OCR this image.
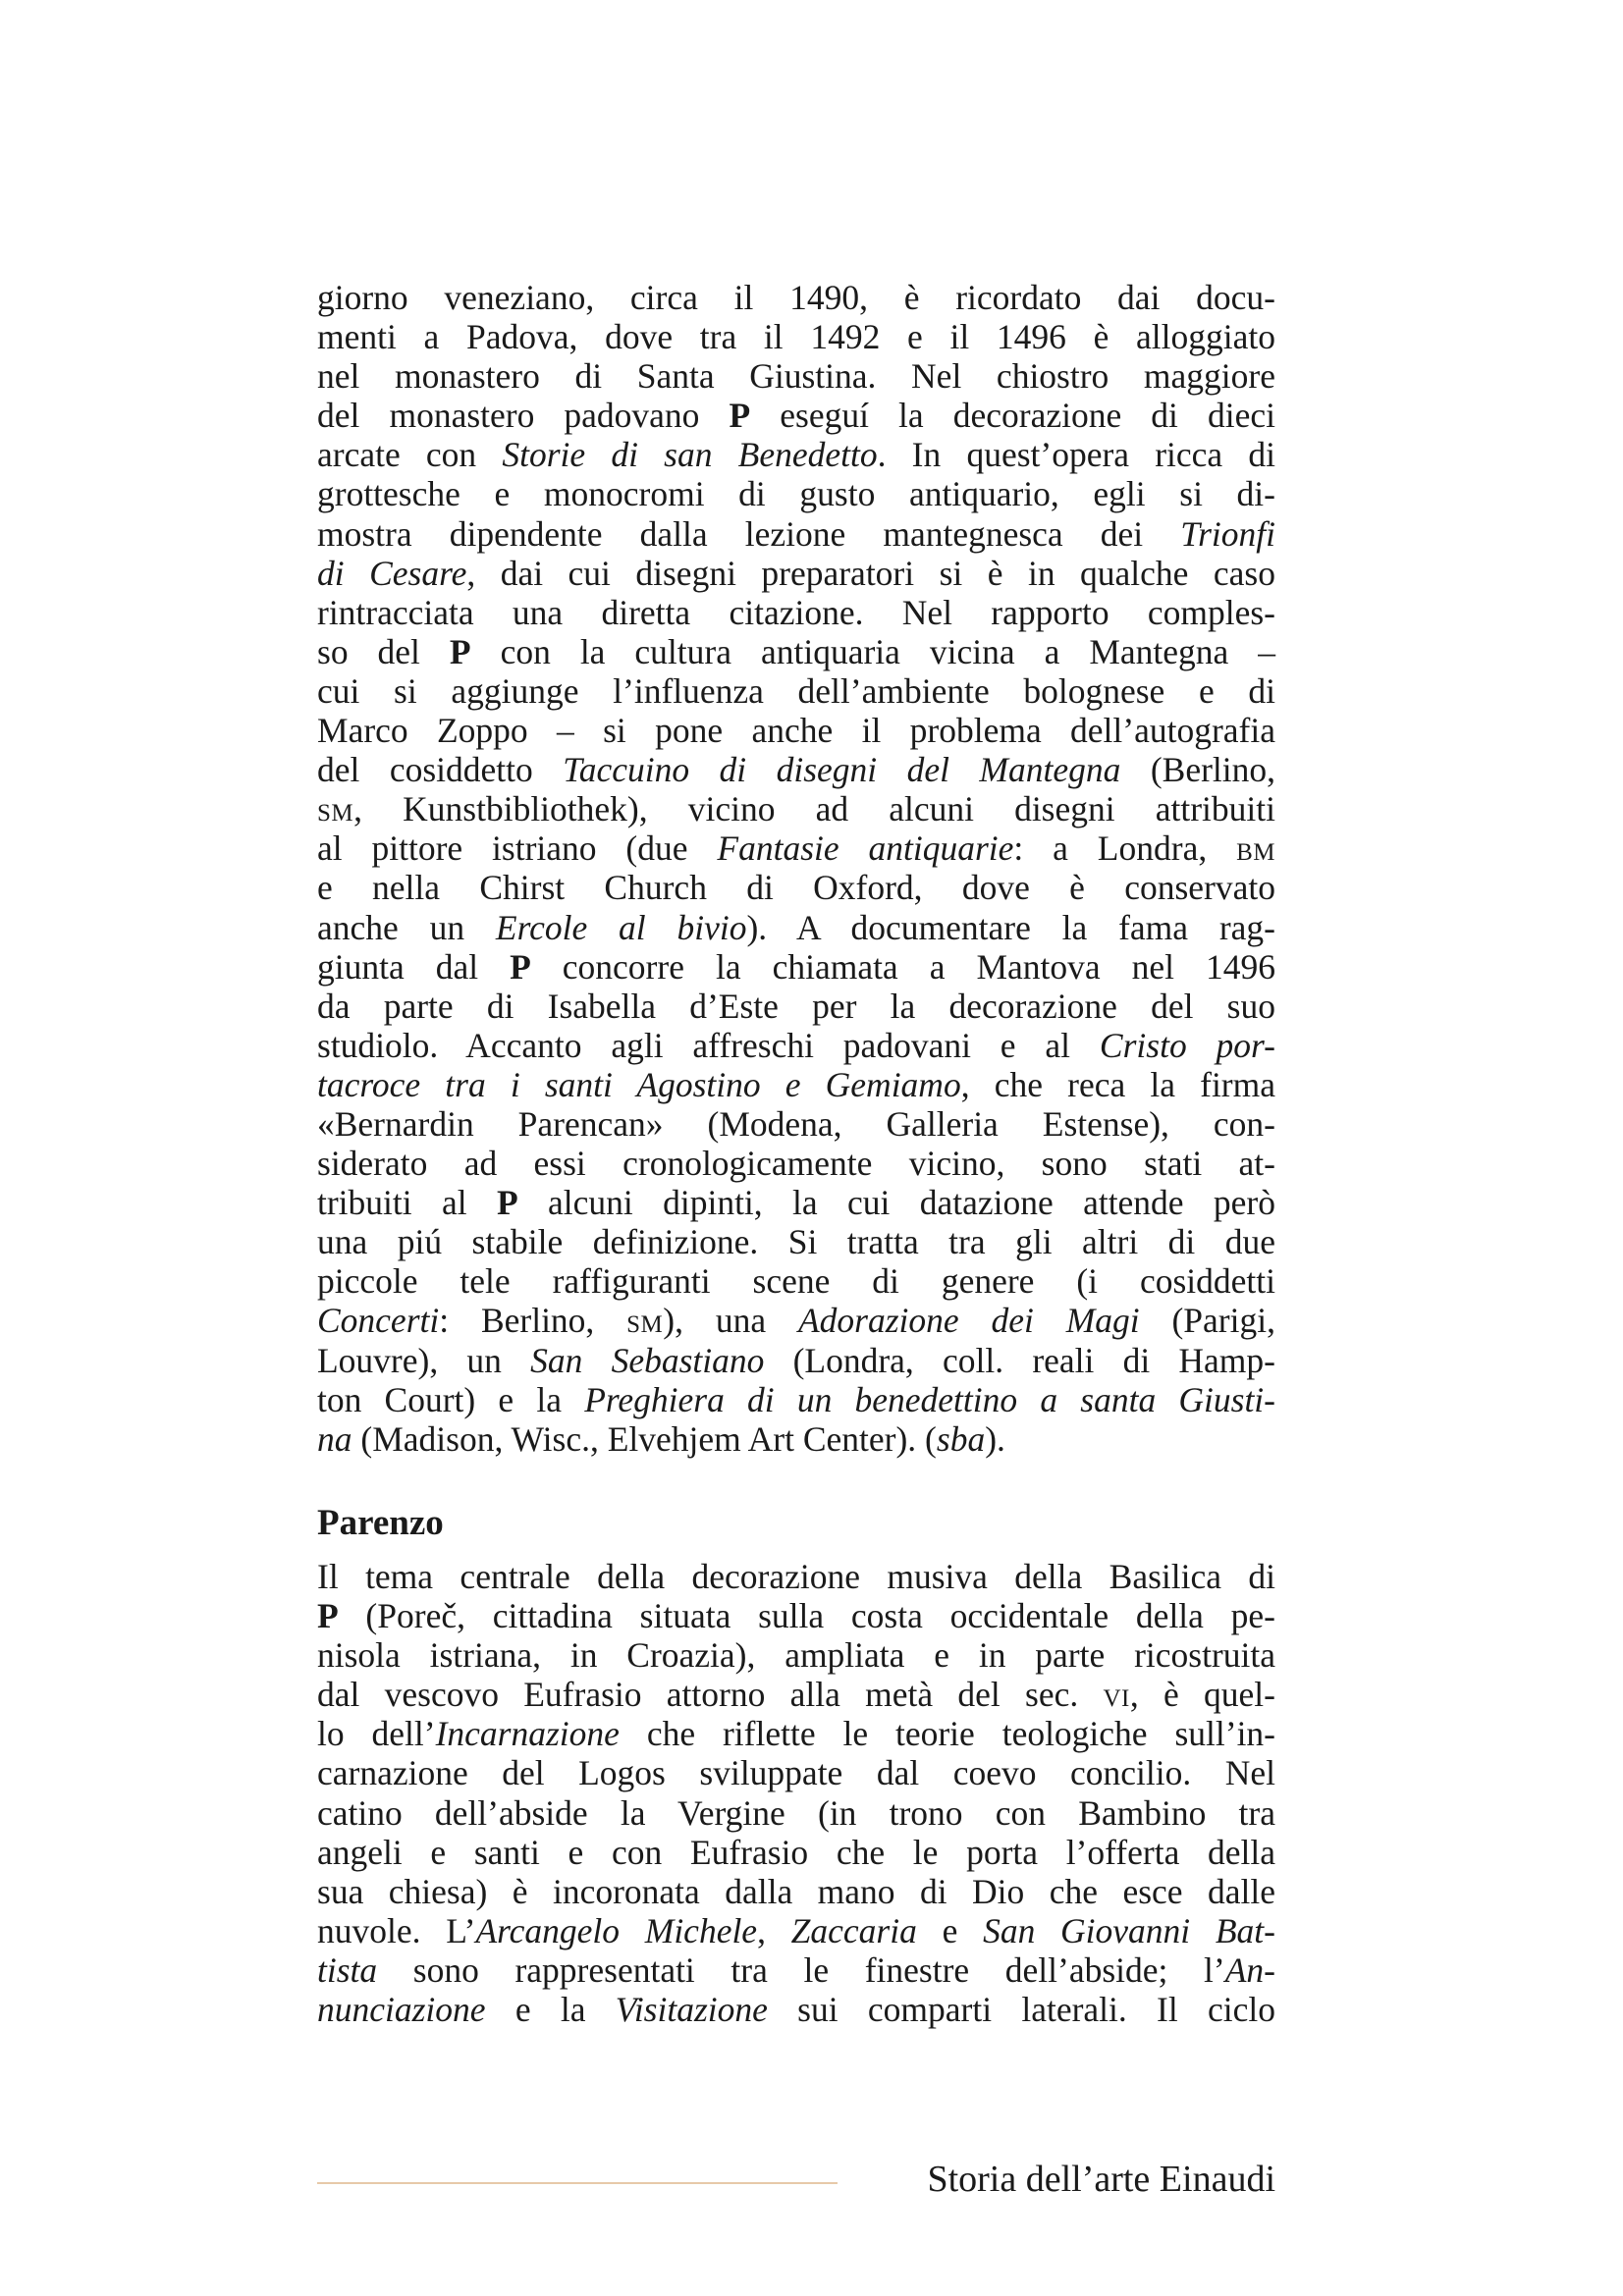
giorno veneziano, circa il 1490, è ricordato dai docu-
menti a Padova, dove tra il 1492 e il 1496 è alloggiato
nel monastero di Santa Giustina. Nel chiostro maggiore
del monastero padovano P eseguí la decorazione di dieci
arcate con Storie di san Benedetto. In quest’opera ricca di
grottesche e monocromi di gusto antiquario, egli si di-
mostra dipendente dalla lezione mantegnesca dei Trionfi
di Cesare, dai cui disegni preparatori si è in qualche caso
rintracciata una diretta citazione. Nel rapporto comples-
so del P con la cultura antiquaria vicina a Mantegna –
cui si aggiunge l’influenza dell’ambiente bolognese e di
Marco Zoppo – si pone anche il problema dell’autografia
del cosiddetto Taccuino di disegni del Mantegna (Berlino,
sm, Kunstbibliothek), vicino ad alcuni disegni attribuiti
al pittore istriano (due Fantasie antiquarie: a Londra, bm
e nella Chirst Church di Oxford, dove è conservato
anche un Ercole al bivio). A documentare la fama rag-
giunta dal P concorre la chiamata a Mantova nel 1496
da parte di Isabella d’Este per la decorazione del suo
studiolo. Accanto agli affreschi padovani e al Cristo por-
tacroce tra i santi Agostino e Gemiamo, che reca la firma
«Bernardin Parencan» (Modena, Galleria Estense), con-
siderato ad essi cronologicamente vicino, sono stati at-
tribuiti al P alcuni dipinti, la cui datazione attende però
una piú stabile definizione. Si tratta tra gli altri di due
piccole tele raffiguranti scene di genere (i cosiddetti
Concerti: Berlino, sm), una Adorazione dei Magi (Parigi,
Louvre), un San Sebastiano (Londra, coll. reali di Hamp-
ton Court) e la Preghiera di un benedettino a santa Giusti-
na (Madison, Wisc., Elvehjem Art Center). (sba).
Parenzo
Il tema centrale della decorazione musiva della Basilica di
P (Poreč, cittadina situata sulla costa occidentale della pe-
nisola istriana, in Croazia), ampliata e in parte ricostruita
dal vescovo Eufrasio attorno alla metà del sec. vi, è quel-
lo dell’Incarnazione che riflette le teorie teologiche sull’in-
carnazione del Logos sviluppate dal coevo concilio. Nel
catino dell’abside la Vergine (in trono con Bambino tra
angeli e santi e con Eufrasio che le porta l’offerta della
sua chiesa) è incoronata dalla mano di Dio che esce dalle
nuvole. L’Arcangelo Michele, Zaccaria e San Giovanni Bat-
tista sono rappresentati tra le finestre dell’abside; l’An-
nunciazione e la Visitazione sui comparti laterali. Il ciclo
Storia dell’arte Einaudi
